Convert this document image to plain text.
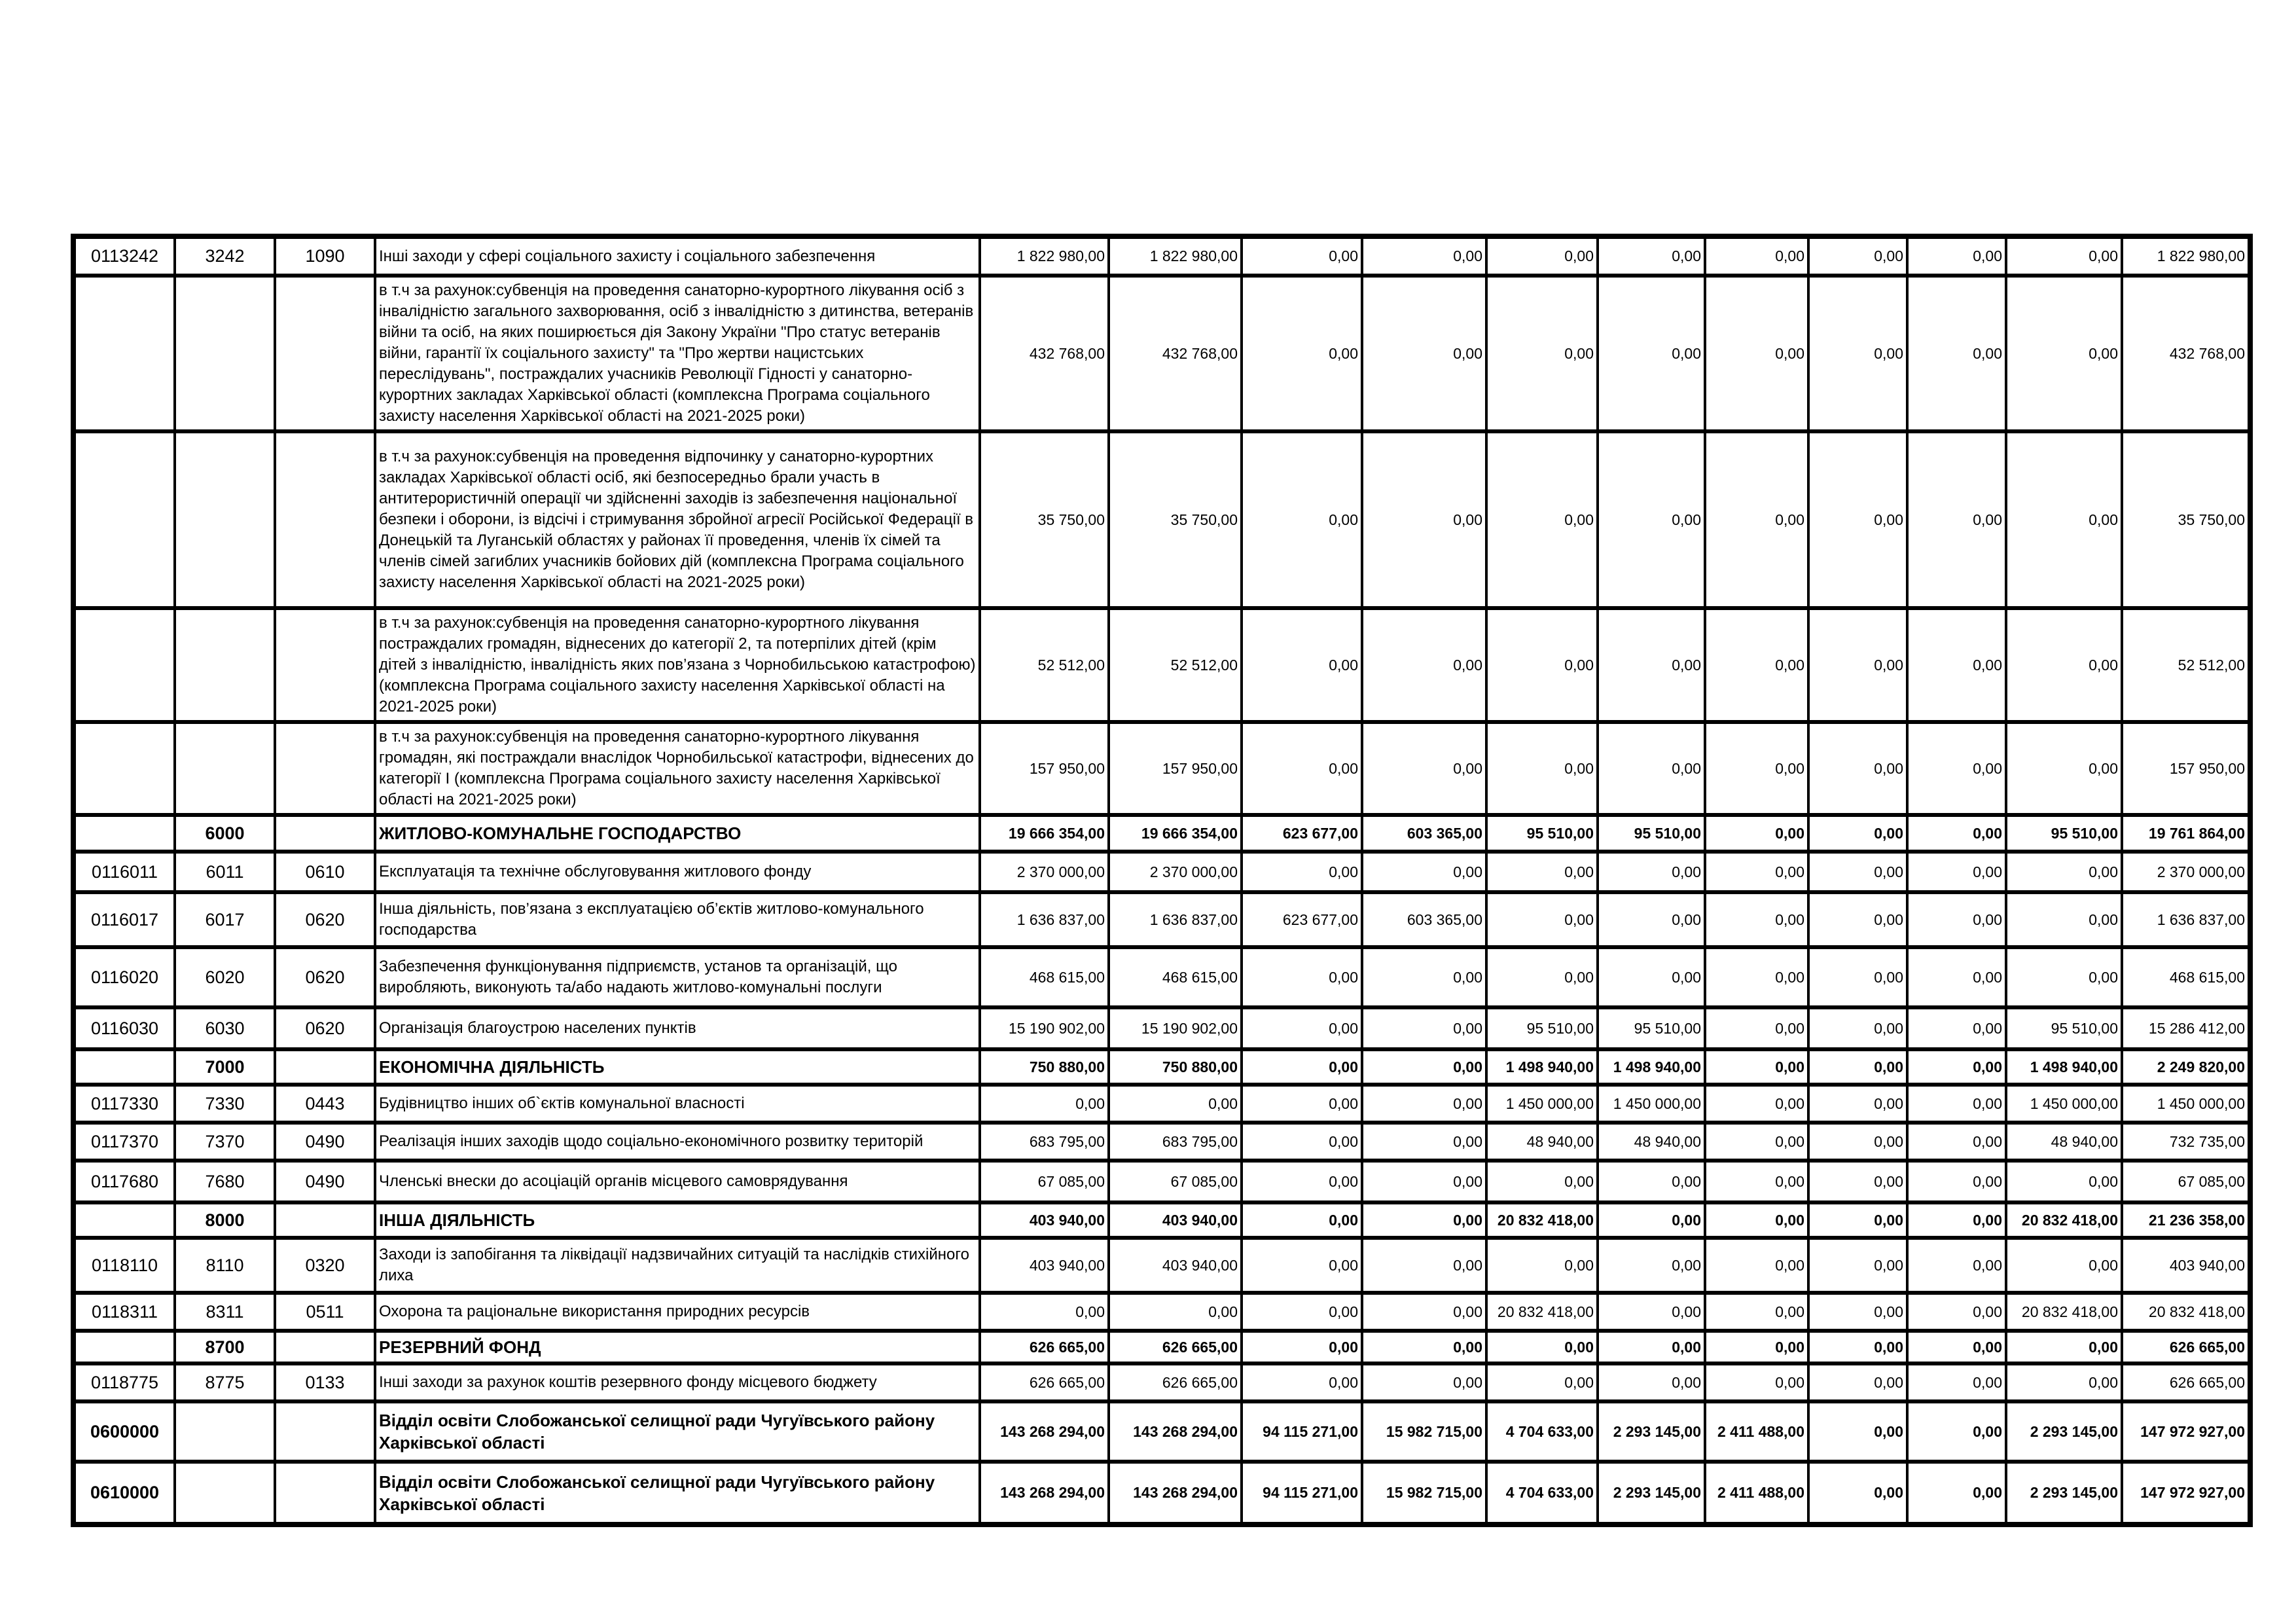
0113242	3242	1090	Інші заходи у сфері соціального захисту і соціального забезпечення	1 822 980,00	1 822 980,00	0,00	0,00	0,00	0,00	0,00	0,00	0,00	0,00	1 822 980,00
			в т.ч за рахунок:субвенція на проведення санаторно-курортного лікування осіб з інвалідністю загального захворювання, осіб з інвалідністю з дитинства, ветеранів війни та осіб, на яких поширюється дія Закону України "Про статус ветеранів війни, гарантії їх соціального захисту" та "Про жертви нацистських переслідувань", постраждалих учасників Революції Гідності у санаторно-курортних закладах Харківської області (комплексна Програма соціального захисту населення Харківської області на 2021-2025 роки)	432 768,00	432 768,00	0,00	0,00	0,00	0,00	0,00	0,00	0,00	0,00	432 768,00
			в т.ч за рахунок:субвенція на проведення відпочинку у санаторно-курортних закладах Харківської області осіб, які безпосередньо брали участь в антитерористичній операції чи здійсненні заходів із забезпечення національної безпеки і оборони, із відсічі і стримування збройної агресії Російської Федерації в Донецькій та Луганській областях у районах її проведення, членів їх сімей та членів сімей загиблих учасників бойових дій (комплексна Програма соціального захисту населення Харківської області на 2021-2025 роки)	35 750,00	35 750,00	0,00	0,00	0,00	0,00	0,00	0,00	0,00	0,00	35 750,00
			в т.ч за рахунок:субвенція на проведення санаторно-курортного лікування постраждалих громадян, віднесених до категорії 2, та потерпілих дітей (крім дітей з інвалідністю, інвалідність яких пов’язана з Чорнобильською катастрофою) (комплексна Програма соціального захисту населення Харківської області на 2021-2025 роки)	52 512,00	52 512,00	0,00	0,00	0,00	0,00	0,00	0,00	0,00	0,00	52 512,00
			в т.ч за рахунок:субвенція на проведення санаторно-курортного лікування громадян, які постраждали внаслідок Чорнобильської катастрофи, віднесених до категорії І (комплексна Програма соціального захисту населення Харківської області на 2021-2025 роки)	157 950,00	157 950,00	0,00	0,00	0,00	0,00	0,00	0,00	0,00	0,00	157 950,00
	6000		ЖИТЛОВО-КОМУНАЛЬНЕ ГОСПОДАРСТВО	19 666 354,00	19 666 354,00	623 677,00	603 365,00	95 510,00	95 510,00	0,00	0,00	0,00	95 510,00	19 761 864,00
0116011	6011	0610	Експлуатація та технічне обслуговування житлового фонду	2 370 000,00	2 370 000,00	0,00	0,00	0,00	0,00	0,00	0,00	0,00	0,00	2 370 000,00
0116017	6017	0620	Інша діяльність, пов’язана з експлуатацією об’єктів житлово-комунального господарства	1 636 837,00	1 636 837,00	623 677,00	603 365,00	0,00	0,00	0,00	0,00	0,00	0,00	1 636 837,00
0116020	6020	0620	Забезпечення функціонування підприємств, установ та організацій, що виробляють, виконують та/або надають житлово-комунальні послуги	468 615,00	468 615,00	0,00	0,00	0,00	0,00	0,00	0,00	0,00	0,00	468 615,00
0116030	6030	0620	Організація благоустрою населених пунктів	15 190 902,00	15 190 902,00	0,00	0,00	95 510,00	95 510,00	0,00	0,00	0,00	95 510,00	15 286 412,00
	7000		ЕКОНОМІЧНА ДІЯЛЬНІСТЬ	750 880,00	750 880,00	0,00	0,00	1 498 940,00	1 498 940,00	0,00	0,00	0,00	1 498 940,00	2 249 820,00
0117330	7330	0443	Будівництво інших об`єктів комунальної власності	0,00	0,00	0,00	0,00	1 450 000,00	1 450 000,00	0,00	0,00	0,00	1 450 000,00	1 450 000,00
0117370	7370	0490	Реалізація інших заходів щодо соціально-економічного розвитку територій	683 795,00	683 795,00	0,00	0,00	48 940,00	48 940,00	0,00	0,00	0,00	48 940,00	732 735,00
0117680	7680	0490	Членські внески до асоціацій органів місцевого самоврядування	67 085,00	67 085,00	0,00	0,00	0,00	0,00	0,00	0,00	0,00	0,00	67 085,00
	8000		ІНША ДІЯЛЬНІСТЬ	403 940,00	403 940,00	0,00	0,00	20 832 418,00	0,00	0,00	0,00	0,00	20 832 418,00	21 236 358,00
0118110	8110	0320	Заходи із запобігання та ліквідації надзвичайних ситуацій та наслідків стихійного лиха	403 940,00	403 940,00	0,00	0,00	0,00	0,00	0,00	0,00	0,00	0,00	403 940,00
0118311	8311	0511	Охорона та раціональне використання природних ресурсів	0,00	0,00	0,00	0,00	20 832 418,00	0,00	0,00	0,00	0,00	20 832 418,00	20 832 418,00
	8700		РЕЗЕРВНИЙ ФОНД	626 665,00	626 665,00	0,00	0,00	0,00	0,00	0,00	0,00	0,00	0,00	626 665,00
0118775	8775	0133	Інші заходи за рахунок коштів резервного фонду місцевого бюджету	626 665,00	626 665,00	0,00	0,00	0,00	0,00	0,00	0,00	0,00	0,00	626 665,00
0600000			Відділ освіти Слобожанської селищної ради Чугуївського району Харківської області	143 268 294,00	143 268 294,00	94 115 271,00	15 982 715,00	4 704 633,00	2 293 145,00	2 411 488,00	0,00	0,00	2 293 145,00	147 972 927,00
0610000			Відділ освіти Слобожанської селищної ради Чугуївського району Харківської області	143 268 294,00	143 268 294,00	94 115 271,00	15 982 715,00	4 704 633,00	2 293 145,00	2 411 488,00	0,00	0,00	2 293 145,00	147 972 927,00
